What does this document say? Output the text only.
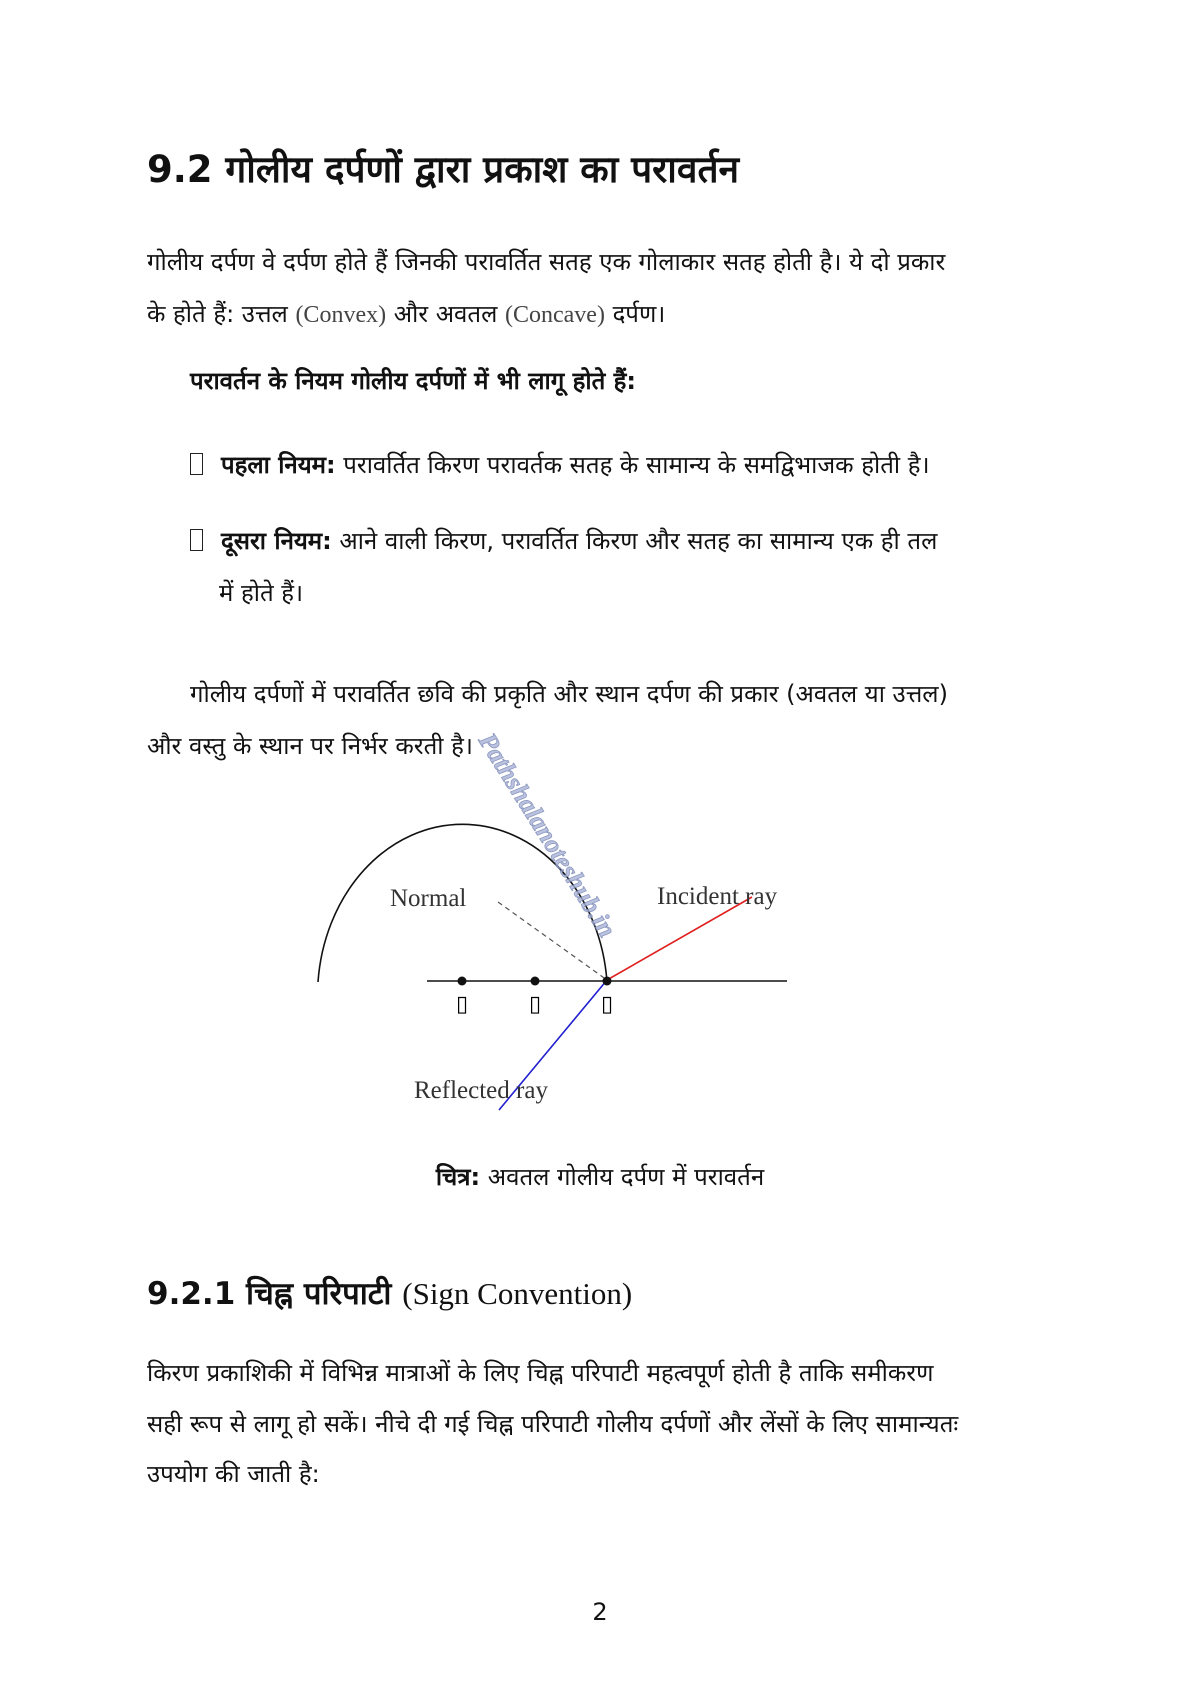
9.2 गोलीय दर्पणों द्वारा प्रकाश का परावर्तन
गोलीय दर्पण वे दर्पण होते हैं जिनकी परावर्तित सतह एक गोलाकार सतह होती है। ये दो प्रकार
के होते हैं: उत्तल (Convex) और अवतल (Concave) दर्पण।
परावर्तन के नियम गोलीय दर्पणों में भी लागू होते हैं:
पहला नियम: परावर्तित किरण परावर्तक सतह के सामान्य के समद्विभाजक होती है।
दूसरा नियम: आने वाली किरण, परावर्तित किरण और सतह का सामान्य एक ही तल
में होते हैं।
गोलीय दर्पणों में परावर्तित छवि की प्रकृति और स्थान दर्पण की प्रकार (अवतल या उत्तल)
और वस्तु के स्थान पर निर्भर करती है।
▯	▯	▯
Normal	Incident ray
Reflected ray
Pathshalanoteshub.in
चित्र: अवतल गोलीय दर्पण में परावर्तन
9.2.1 चिह्न परिपाटी (Sign Convention)
किरण प्रकाशिकी में विभिन्न मात्राओं के लिए चिह्न परिपाटी महत्वपूर्ण होती है ताकि समीकरण
सही रूप से लागू हो सकें। नीचे दी गई चिह्न परिपाटी गोलीय दर्पणों और लेंसों के लिए सामान्यतः
उपयोग की जाती है:
2
